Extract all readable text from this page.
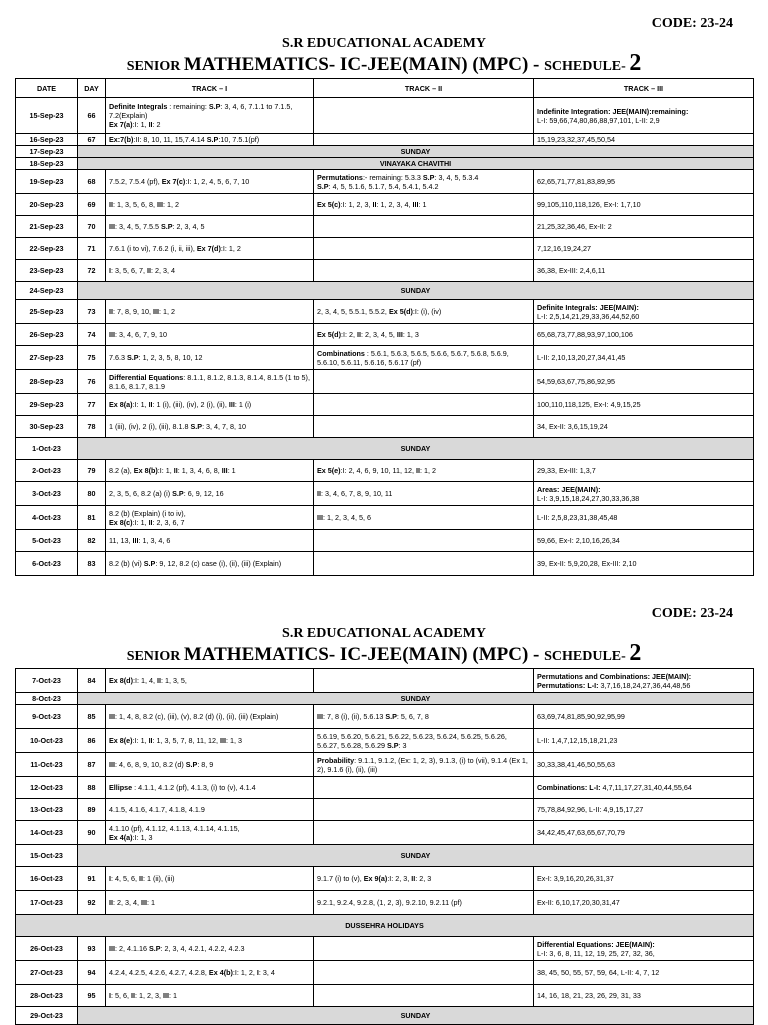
CODE: 23-24
S.R EDUCATIONAL ACADEMY
SENIOR MATHEMATICS- IC-JEE(MAIN) (MPC) - SCHEDULE- 2
DATE	DAY	TRACK – I	TRACK – II	TRACK – III
15-Sep-23	66	Definite Integrals : remaining: S.P: 3, 4, 6, 7.1.1 to 7.1.5, 7.2(Explain)
Ex 7(a):I: 1, II: 2		Indefinite Integration: JEE(MAIN):remaining:
L-I: 59,66,74,80,86,88,97,101, L-II: 2,9
16-Sep-23	67	Ex:7(b):II: 8, 10, 11, 15,7.4.14 S.P:10, 7.5.1(pf)		15,19,23,32,37,45,50,54
17-Sep-23	SUNDAY			
18-Sep-23	VINAYAKA CHAVITHI			
19-Sep-23	68	7.5.2, 7.5.4 (pf), Ex 7(c):I: 1, 2, 4, 5, 6, 7, 10	Permutations:- remaining: 5.3.3 S.P: 3, 4, 5, 5.3.4
S.P: 4, 5, 5.1.6, 5.1.7, 5.4, 5.4.1, 5.4.2	62,65,71,77,81,83,89,95
20-Sep-23	69	II: 1, 3, 5, 6, 8, III: 1, 2	Ex 5(c):I: 1, 2, 3, II: 1, 2, 3, 4, III: 1	99,105,110,118,126, Ex-I: 1,7,10
21-Sep-23	70	III: 3, 4, 5, 7.5.5 S.P: 2, 3, 4, 5		21,25,32,36,46, Ex-II: 2
22-Sep-23	71	7.6.1 (i to vi), 7.6.2 (i, ii, iii), Ex 7(d):I: 1, 2		7,12,16,19,24,27
23-Sep-23	72	I: 3, 5, 6, 7, II: 2, 3, 4		36,38, Ex-III: 2,4,6,11
24-Sep-23	SUNDAY			
25-Sep-23	73	II: 7, 8, 9, 10, III: 1, 2	2, 3, 4, 5, 5.5.1, 5.5.2, Ex 5(d):I: (i), (iv)	Definite Integrals: JEE(MAIN):
L-I: 2,5,14,21,29,33,36,44,52,60
26-Sep-23	74	III: 3, 4, 6, 7, 9, 10	Ex 5(d):I: 2, II: 2, 3, 4, 5, III: 1, 3	65,68,73,77,88,93,97,100,106
27-Sep-23	75	7.6.3 S.P: 1, 2, 3, 5, 8, 10, 12	Combinations : 5.6.1, 5.6.3, 5.6.5, 5.6.6, 5.6.7, 5.6.8, 5.6.9, 5.6.10, 5.6.11, 5.6.16, 5.6.17 (pf)	L-II: 2,10,13,20,27,34,41,45
28-Sep-23	76	Differential Equations: 8.1.1, 8.1.2, 8.1.3, 8.1.4, 8.1.5 (1 to 5), 8.1.6, 8.1.7, 8.1.9		54,59,63,67,75,86,92,95
29-Sep-23	77	Ex 8(a):I: 1, II: 1 (i), (iii), (iv), 2 (i), (ii), III: 1 (i)		100,110,118,125, Ex-I: 4,9,15,25
30-Sep-23	78	1 (iii), (iv), 2 (i), (iii), 8.1.8 S.P: 3, 4, 7, 8, 10		34, Ex-II: 3,6,15,19,24
1-Oct-23	SUNDAY			
2-Oct-23	79	8.2 (a), Ex 8(b):I: 1, II: 1, 3, 4, 6, 8, III: 1	Ex 5(e):I: 2, 4, 6, 9, 10, 11, 12, II: 1, 2	29,33, Ex-III: 1,3,7
3-Oct-23	80	2, 3, 5, 6, 8.2 (a) (i) S.P: 6, 9, 12, 16	II: 3, 4, 6, 7, 8, 9, 10, 11	Areas: JEE(MAIN):
L-I: 3,9,15,18,24,27,30,33,36,38
4-Oct-23	81	8.2 (b) (Explain) (i to iv),
Ex 8(c):I: 1, II: 2, 3, 6, 7	III: 1, 2, 3, 4, 5, 6	L-II: 2,5,8,23,31,38,45,48
5-Oct-23	82	11, 13, III: 1, 3, 4, 6		59,66, Ex-I: 2,10,16,26,34
6-Oct-23	83	8.2 (b) (vi) S.P: 9, 12, 8.2 (c) case (i), (ii), (iii) (Explain)		39, Ex-II: 5,9,20,28, Ex-III: 2,10
CODE: 23-24
S.R EDUCATIONAL ACADEMY
SENIOR MATHEMATICS- IC-JEE(MAIN) (MPC) - SCHEDULE- 2
7-Oct-23	84	Ex 8(d):I: 1, 4, II: 1, 3, 5,		Permutations and Combinations: JEE(MAIN):
Permutations: L-I: 3,7,16,18,24,27,36,44,48,56
8-Oct-23	SUNDAY			
9-Oct-23	85	III: 1, 4, 8, 8.2 (c), (iii), (v), 8.2 (d) (i), (ii), (iii) (Explain)	III: 7, 8 (i), (ii), 5.6.13 S.P: 5, 6, 7, 8	63,69,74,81,85,90,92,95,99
10-Oct-23	86	Ex 8(e):I: 1, II: 1, 3, 5, 7, 8, 11, 12, III: 1, 3	5.6.19, 5.6.20, 5.6.21, 5.6.22, 5.6.23, 5.6.24, 5.6.25, 5.6.26, 5.6.27, 5.6.28, 5.6.29 S.P: 3	L-II: 1,4,7,12,15,18,21,23
11-Oct-23	87	III: 4, 6, 8, 9, 10, 8.2 (d) S.P: 8, 9	Probability: 9.1.1, 9.1.2, (Ex: 1, 2, 3), 9.1.3, (i) to (vii), 9.1.4 (Ex 1, 2), 9.1.6 (i), (ii), (iii)	30,33,38,41,46,50,55,63
12-Oct-23	88	Ellipse : 4.1.1, 4.1.2 (pf), 4.1.3, (i) to (v), 4.1.4		Combinations: L-I: 4,7,11,17,27,31,40,44,55,64
13-Oct-23	89	4.1.5, 4.1.6, 4.1.7, 4.1.8, 4.1.9		75,78,84,92,96, L-II: 4,9,15,17,27
14-Oct-23	90	4.1.10 (pf), 4.1.12, 4.1.13, 4.1.14, 4.1.15,
Ex 4(a):I: 1, 3		34,42,45,47,63,65,67,70,79
15-Oct-23	SUNDAY			
16-Oct-23	91	I: 4, 5, 6, II: 1 (ii), (iii)	9.1.7 (i) to (v), Ex 9(a):I: 2, 3, II: 2, 3	Ex-I: 3,9,16,20,26,31,37
17-Oct-23	92	II: 2, 3, 4, III: 1	9.2.1, 9.2.4, 9.2.8, (1, 2, 3), 9.2.10, 9.2.11 (pf)	Ex-II: 6,10,17,20,30,31,47
DUSSEHRA HOLIDAYS				
26-Oct-23	93	III: 2, 4.1.16 S.P: 2, 3, 4, 4.2.1, 4.2.2, 4.2.3		Differential Equations: JEE(MAIN):
L-I: 3, 6, 8, 11, 12, 19, 25, 27, 32, 36,
27-Oct-23	94	4.2.4, 4.2.5, 4.2.6, 4.2.7, 4.2.8, Ex 4(b):I: 1, 2, I: 3, 4		38, 45, 50, 55, 57, 59, 64, L-II: 4, 7, 12
28-Oct-23	95	I: 5, 6, II: 1, 2, 3, III: 1		14, 16, 18, 21, 23, 26, 29, 31, 33
29-Oct-23	SUNDAY			
